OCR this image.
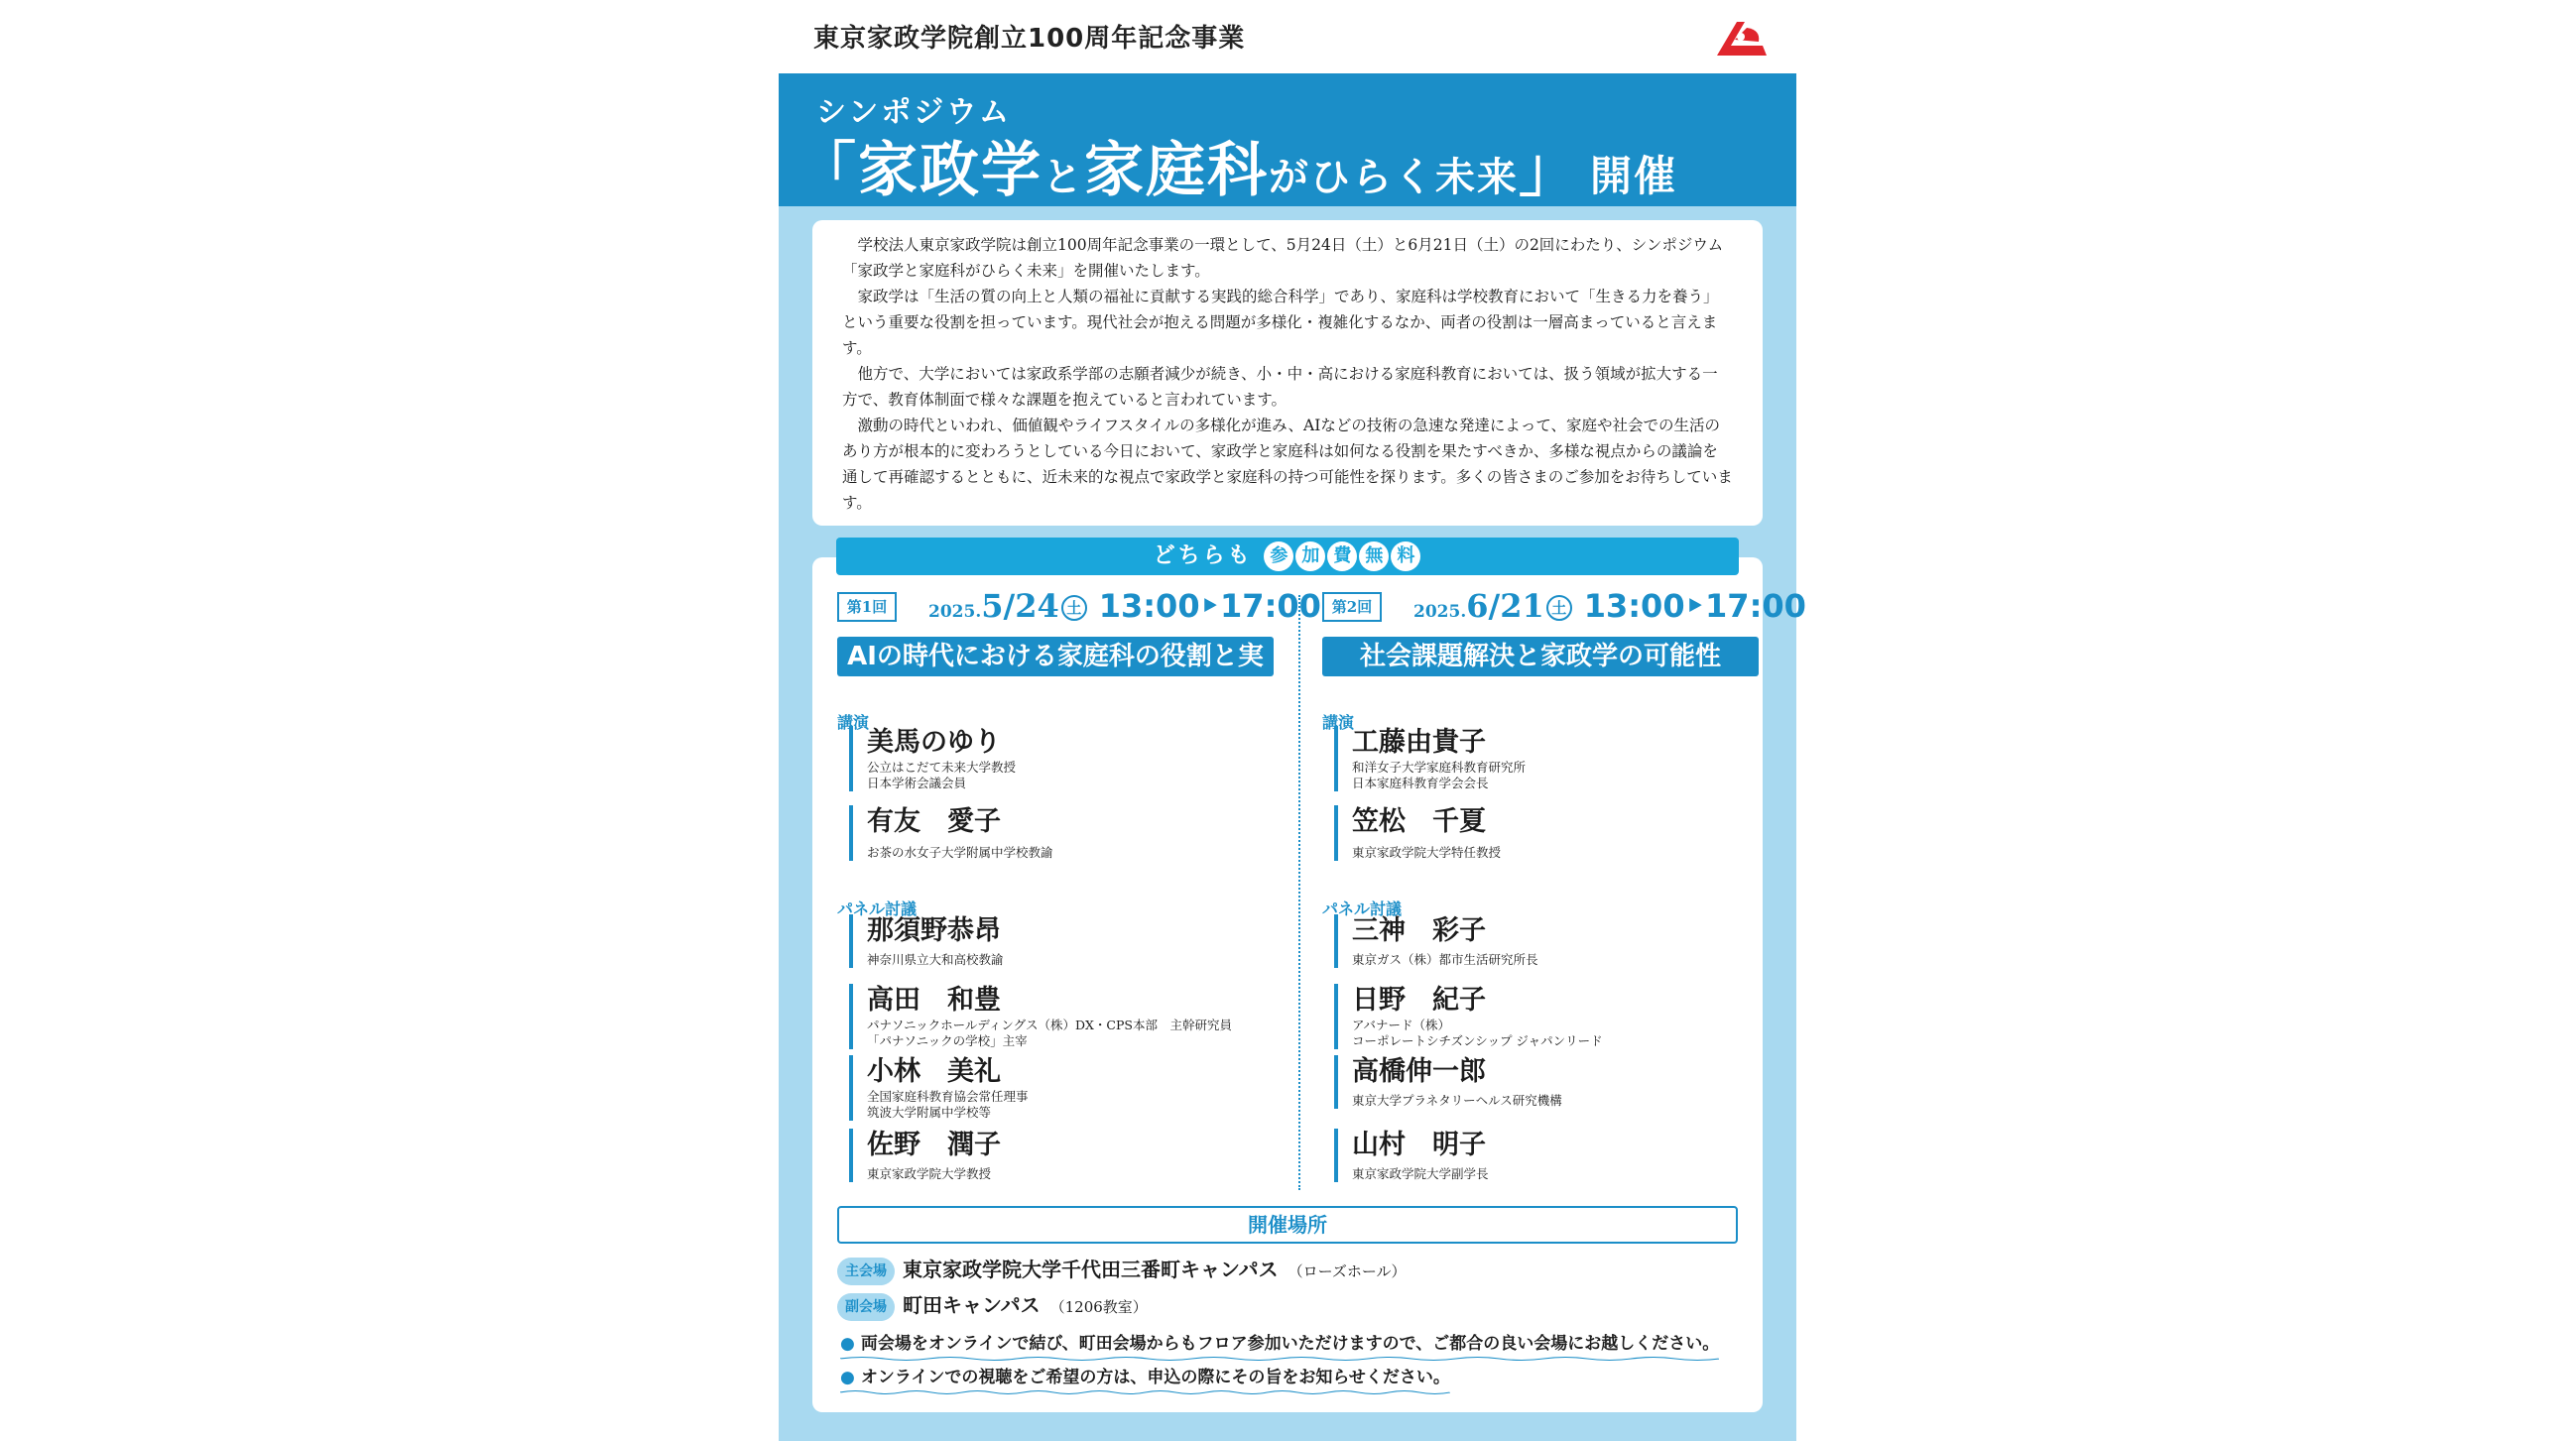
東京家政学院創立100周年記念事業
シンポジウム
「家政学と家庭科がひらく未来」 開催

学校法人東京家政学院は創立100周年記念事業の一環として、5月24日（土）と6月21日（土）の2回にわたり、シンポジウム「家政学と家庭科がひらく未来」を開催いたします。

家政学は「生活の質の向上と人類の福祉に貢献する実践的総合科学」であり、家庭科は学校教育において「生きる力を養う」という重要な役割を担っています。現代社会が抱える問題が多様化・複雑化するなか、両者の役割は一層高まっていると言えます。

他方で、大学においては家政系学部の志願者減少が続き、小・中・高における家庭科教育においては、扱う領域が拡大する一方で、教育体制面で様々な課題を抱えていると言われています。

激動の時代といわれ、価値観やライフスタイルの多様化が進み、AIなどの技術の急速な発達によって、家庭や社会での生活のあり方が根本的に変わろうとしている今日において、家政学と家庭科は如何なる役割を果たすべきか、多様な視点からの議論を通して再確認するとともに、近未来的な視点で家政学と家庭科の持つ可能性を探ります。多くの皆さまのご参加をお待ちしています。

第1回	2025.5/24 土 13:00‣17:00
AIの時代における家庭科の役割と実践
講演
美馬のゆり
公立はこだて未来大学教授
日本学術会議会員
有友　愛子
お茶の水女子大学附属中学校教諭
パネル討議
那須野恭昂
神奈川県立大和高校教諭
高田　和豊
パナソニックホールディングス（株）DX・CPS本部　主幹研究員
「パナソニックの学校」主宰
小林　美礼
全国家庭科教育協会常任理事
筑波大学附属中学校等
佐野　潤子
東京家政学院大学教授
第2回	2025.6/21 土 13:00‣17:00
社会課題解決と家政学の可能性
講演
工藤由貴子
和洋女子大学家庭科教育研究所
日本家庭科教育学会会長
笠松　千夏
東京家政学院大学特任教授
パネル討議
三神　彩子
東京ガス（株）都市生活研究所長
日野　紀子
アバナード（株）
コーポレートシチズンシップ ジャパンリード
高橋伸一郎
東京大学プラネタリーヘルス研究機構
山村　明子
東京家政学院大学副学長
開催場所
主会場 東京家政学院大学千代田三番町キャンパス （ローズホール）
副会場 町田キャンパス （1206教室）
● 両会場をオンラインで結び、町田会場からもフロア参加いただけますので、ご都合の良い会場にお越しください。
● オンラインでの視聴をご希望の方は、申込の際にその旨をお知らせください。
どちらも 参 加 費 無 料
